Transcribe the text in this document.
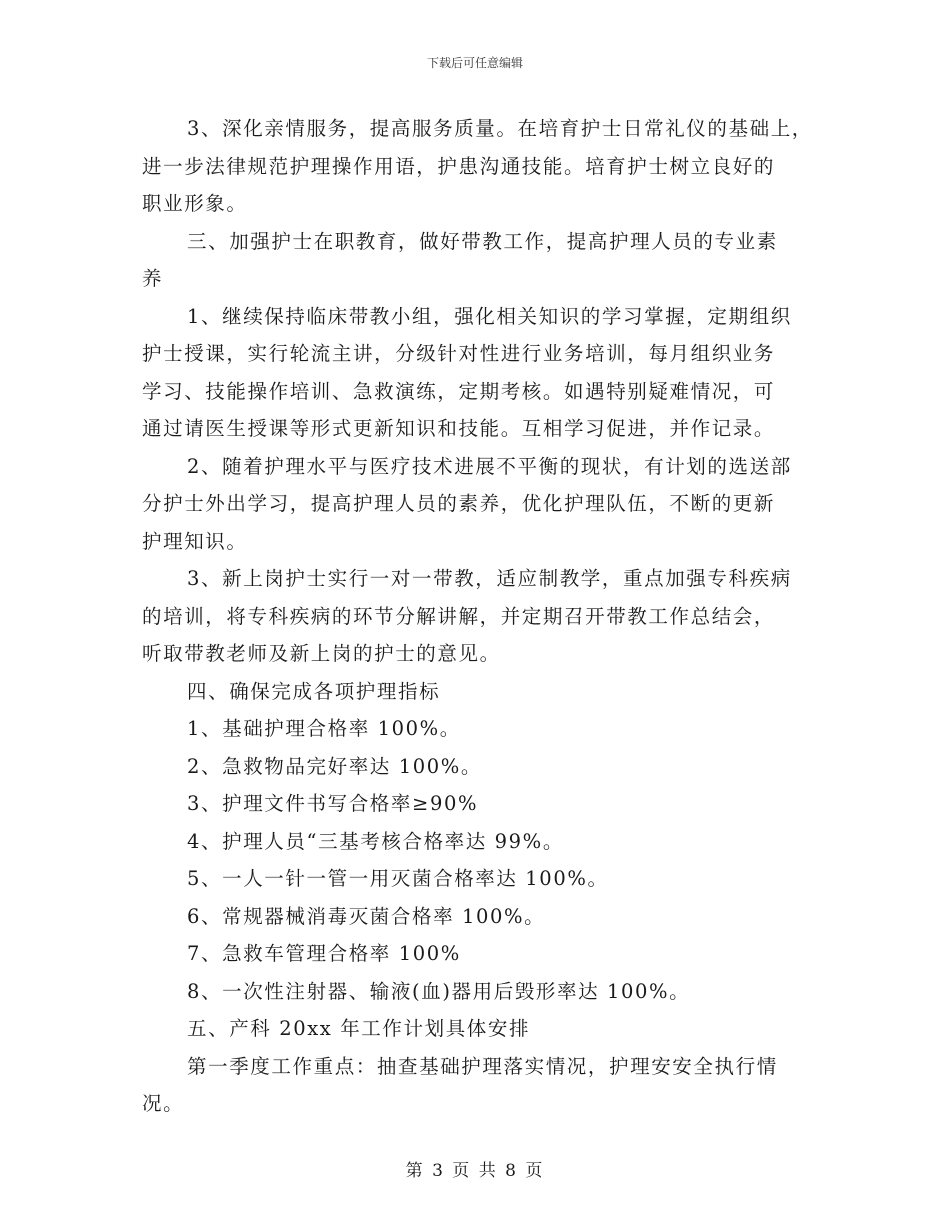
下载后可任意编辑

3、深化亲情服务，提高服务质量。在培育护士日常礼仪的基础上，

进一步法律规范护理操作用语，护患沟通技能。培育护士树立良好的

职业形象。

三、加强护士在职教育，做好带教工作，提高护理人员的专业素

养

1、继续保持临床带教小组，强化相关知识的学习掌握，定期组织

护士授课，实行轮流主讲，分级针对性进行业务培训，每月组织业务

学习、技能操作培训、急救演练，定期考核。如遇特别疑难情况，可

通过请医生授课等形式更新知识和技能。互相学习促进，并作记录。

2、随着护理水平与医疗技术进展不平衡的现状，有计划的选送部

分护士外出学习，提高护理人员的素养，优化护理队伍，不断的更新

护理知识。

3、新上岗护士实行一对一带教，适应制教学，重点加强专科疾病

的培训，将专科疾病的环节分解讲解，并定期召开带教工作总结会，

听取带教老师及新上岗的护士的意见。

四、确保完成各项护理指标

1、基础护理合格率 100%。

2、急救物品完好率达 100%。

3、护理文件书写合格率≥90%

4、护理人员“三基考核合格率达 99%。

5、一人一针一管一用灭菌合格率达 100%。

6、常规器械消毒灭菌合格率 100%。

7、急救车管理合格率 100%

8、一次性注射器、输液(血)器用后毁形率达 100%。

五、产科 20xx 年工作计划具体安排

第一季度工作重点：抽查基础护理落实情况，护理安安全执行情

况。

第 3 页 共 8 页
